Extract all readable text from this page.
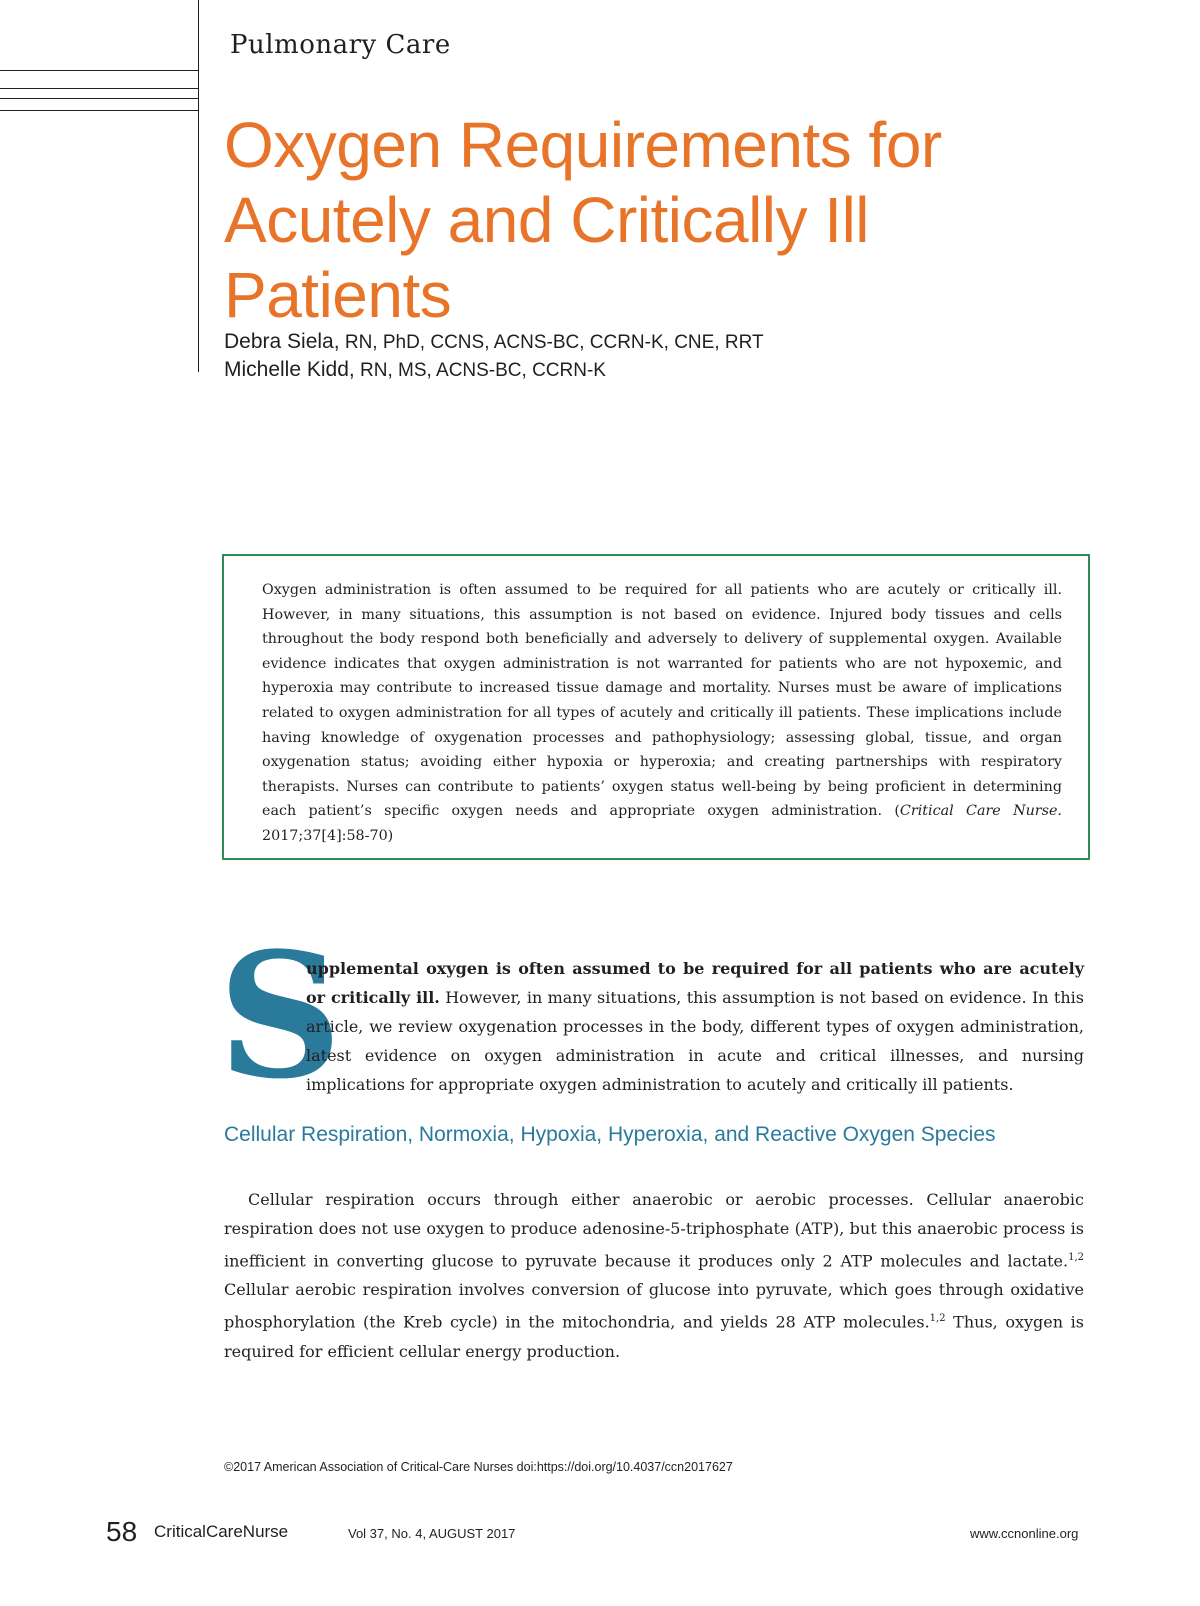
Pulmonary Care
Oxygen Requirements for Acutely and Critically Ill Patients
Debra Siela, RN, PhD, CCNS, ACNS-BC, CCRN-K, CNE, RRT
Michelle Kidd, RN, MS, ACNS-BC, CCRN-K
Oxygen administration is often assumed to be required for all patients who are acutely or critically ill. However, in many situations, this assumption is not based on evidence. Injured body tissues and cells throughout the body respond both beneficially and adversely to delivery of supplemental oxygen. Available evidence indicates that oxygen administration is not warranted for patients who are not hypoxemic, and hyperoxia may contribute to increased tissue damage and mortality. Nurses must be aware of implications related to oxygen administration for all types of acutely and critically ill patients. These implications include having knowledge of oxygenation processes and pathophysiology; assessing global, tissue, and organ oxygenation status; avoiding either hypoxia or hyperoxia; and creating partnerships with respiratory therapists. Nurses can contribute to patients’ oxygen status well-being by being proficient in determining each patient’s specific oxygen needs and appropriate oxygen administration. (Critical Care Nurse. 2017;37[4]:58-70)
S
upplemental oxygen is often assumed to be required for all patients who are acutely or critically ill. However, in many situations, this assumption is not based on evidence. In this article, we review oxygenation processes in the body, different types of oxygen administration, latest evidence on oxygen administration in acute and critical illnesses, and nursing implications for appropriate oxygen administration to acutely and critically ill patients.
Cellular Respiration, Normoxia, Hypoxia, Hyperoxia, and Reactive Oxygen Species
Cellular respiration occurs through either anaerobic or aerobic processes. Cellular anaerobic respiration does not use oxygen to produce adenosine-5-triphosphate (ATP), but this anaerobic process is inefficient in converting glucose to pyruvate because it produces only 2 ATP molecules and lactate.$^{1,2}$ Cellular aerobic respiration involves conversion of glucose into pyruvate, which goes through oxidative phosphorylation (the Kreb cycle) in the mitochondria, and yields 28 ATP molecules.$^{1,2}$ Thus, oxygen is required for efficient cellular energy production.
©2017 American Association of Critical-Care Nurses doi:https://doi.org/10.4037/ccn2017627
58 CriticalCareNurse	Vol 37, No. 4, AUGUST 2017	www.ccnonline.org
